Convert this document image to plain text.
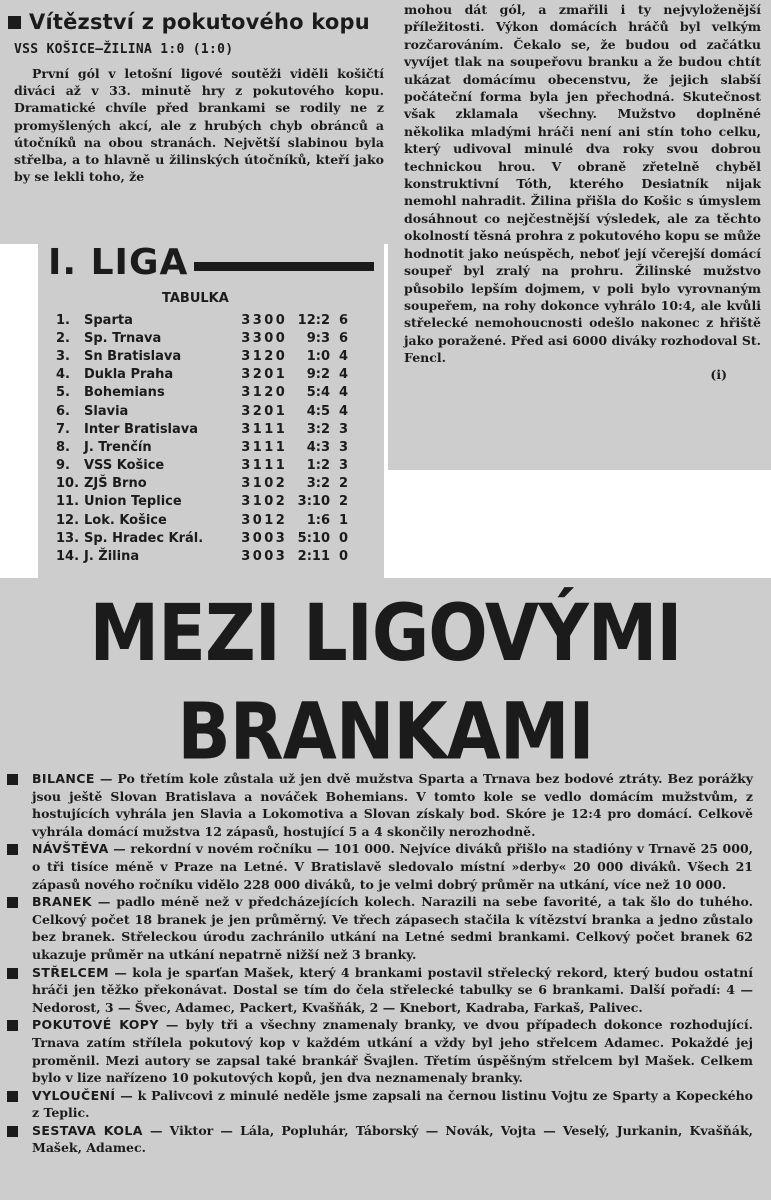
Vítězství z pokutového kopu
VSS KOŠICE—ŽILINA 1:0 (1:0)
První gól v letošní ligové soutěži viděli košičtí diváci až v 33. minutě hry z pokutového kopu. Dramatické chvíle před brankami se rodily ne z promyšlených akcí, ale z hrubých chyb obránců a útočníků na obou stranách. Největší slabinou byla střelba, a to hlavně u žilinských útočníků, kteří jako by se lekli toho, že
mohou dát gól, a zmařili i ty nejvyloženější příležitosti. Výkon domácích hráčů byl velkým rozčarováním. Čekalo se, že budou od začátku vyvíjet tlak na soupeřovu branku a že budou chtít ukázat domácímu obecenstvu, že jejich slabší počáteční forma byla jen přechodná. Skutečnost však zklamala všechny. Mužstvo doplněné několika mladými hráči není ani stín toho celku, který udivoval minulé dva roky svou dobrou technickou hrou. V obraně zřetelně chyběl konstruktivní Tóth, kterého Desiatník nijak nemohl nahradit. Žilina přišla do Košic s úmyslem dosáhnout co nejčestnější výsledek, ale za těchto okolností těsná prohra z pokutového kopu se může hodnotit jako neúspěch, neboť její včerejší domácí soupeř byl zralý na prohru. Žilinské mužstvo působilo lepším dojmem, v poli bylo vyrovnaným soupeřem, na rohy dokonce vyhrálo 10:4, ale kvůli střelecké nemohoucnosti odešlo nakonec z hřiště jako poražené. Před asi 6000 diváky rozhodoval St. Fencl.
(i)
I. LIGA
TABULKA
1.	Sparta	3 3 0 0 12:2 6
2.	Sp. Trnava	3 3 0 0	9:3 6
3.	Sn Bratislava	3 1 2 0	1:0 4
4.	Dukla Praha	3 2 0 1	9:2 4
5.	Bohemians	3 1 2 0	5:4 4
6.	Slavia	3 2 0 1	4:5 4
7.	Inter Bratislava	3 1 1 1	3:2 3
8.	J. Trenčín	3 1 1 1	4:3 3
9.	VSS Košice	3 1 1 1	1:2 3
10. ZJŠ Brno	3 1 0 2	3:2 2
11. Union Teplice	3 1 0 2 3:10 2
12. Lok. Košice	3 0 1 2	1:6 1
13. Sp. Hradec Král.	3 0 0 3 5:10 0
14. J. Žilina	3 0 0 3 2:11 0
MEZI LIGOVÝMI BRANKAMI
BILANCE — Po třetím kole zůstala už jen dvě mužstva Sparta a Trnava bez bodové ztráty. Bez porážky jsou ještě Slovan Bratislava a nováček Bohemians. V tomto kole se vedlo domácím mužstvům, z hostujících vyhrála jen Slavia a Lokomotiva a Slovan získaly bod. Skóre je 12:4 pro domácí. Celkově vyhrála domácí mužstva 12 zápasů, hostující 5 a 4 skončily nerozhodně.
NÁVŠTĚVA — rekordní v novém ročníku — 101 000. Nejvíce diváků přišlo na stadióny v Trnavě 25 000, o tři tisíce méně v Praze na Letné. V Bratislavě sledovalo místní »derby« 20 000 diváků. Všech 21 zápasů nového ročníku vidělo 228 000 diváků, to je velmi dobrý průměr na utkání, více než 10 000.
BRANEK — padlo méně než v předcházejících kolech. Narazili na sebe favorité, a tak šlo do tuhého. Celkový počet 18 branek je jen průměrný. Ve třech zápasech stačila k vítězství branka a jedno zůstalo bez branek. Střeleckou úrodu zachránilo utkání na Letné sedmi brankami. Celkový počet branek 62 ukazuje průměr na utkání nepatrně nižší než 3 branky.
STŘELCEM — kola je sparťan Mašek, který 4 brankami postavil střelecký rekord, který budou ostatní hráči jen těžko překonávat. Dostal se tím do čela střelecké tabulky se 6 brankami. Další pořadí: 4 — Nedorost, 3 — Švec, Adamec, Packert, Kvašňák, 2 — Knebort, Kadraba, Farkaš, Palivec.
POKUTOVÉ KOPY — byly tři a všechny znamenaly branky, ve dvou případech dokonce rozhodující. Trnava zatím střílela pokutový kop v každém utkání a vždy byl jeho střelcem Adamec. Pokaždé jej proměnil. Mezi autory se zapsal také brankář Švajlen. Třetím úspěšným střelcem byl Mašek. Celkem bylo v lize nařízeno 10 pokutových kopů, jen dva neznamenaly branky.
VYLOUČENÍ — k Palivcovi z minulé neděle jsme zapsali na černou listinu Vojtu ze Sparty a Kopeckého z Teplic.
SESTAVA KOLA — Viktor — Lála, Popluhár, Táborský — Novák, Vojta — Veselý, Jurkanin, Kvašňák, Mašek, Adamec.
